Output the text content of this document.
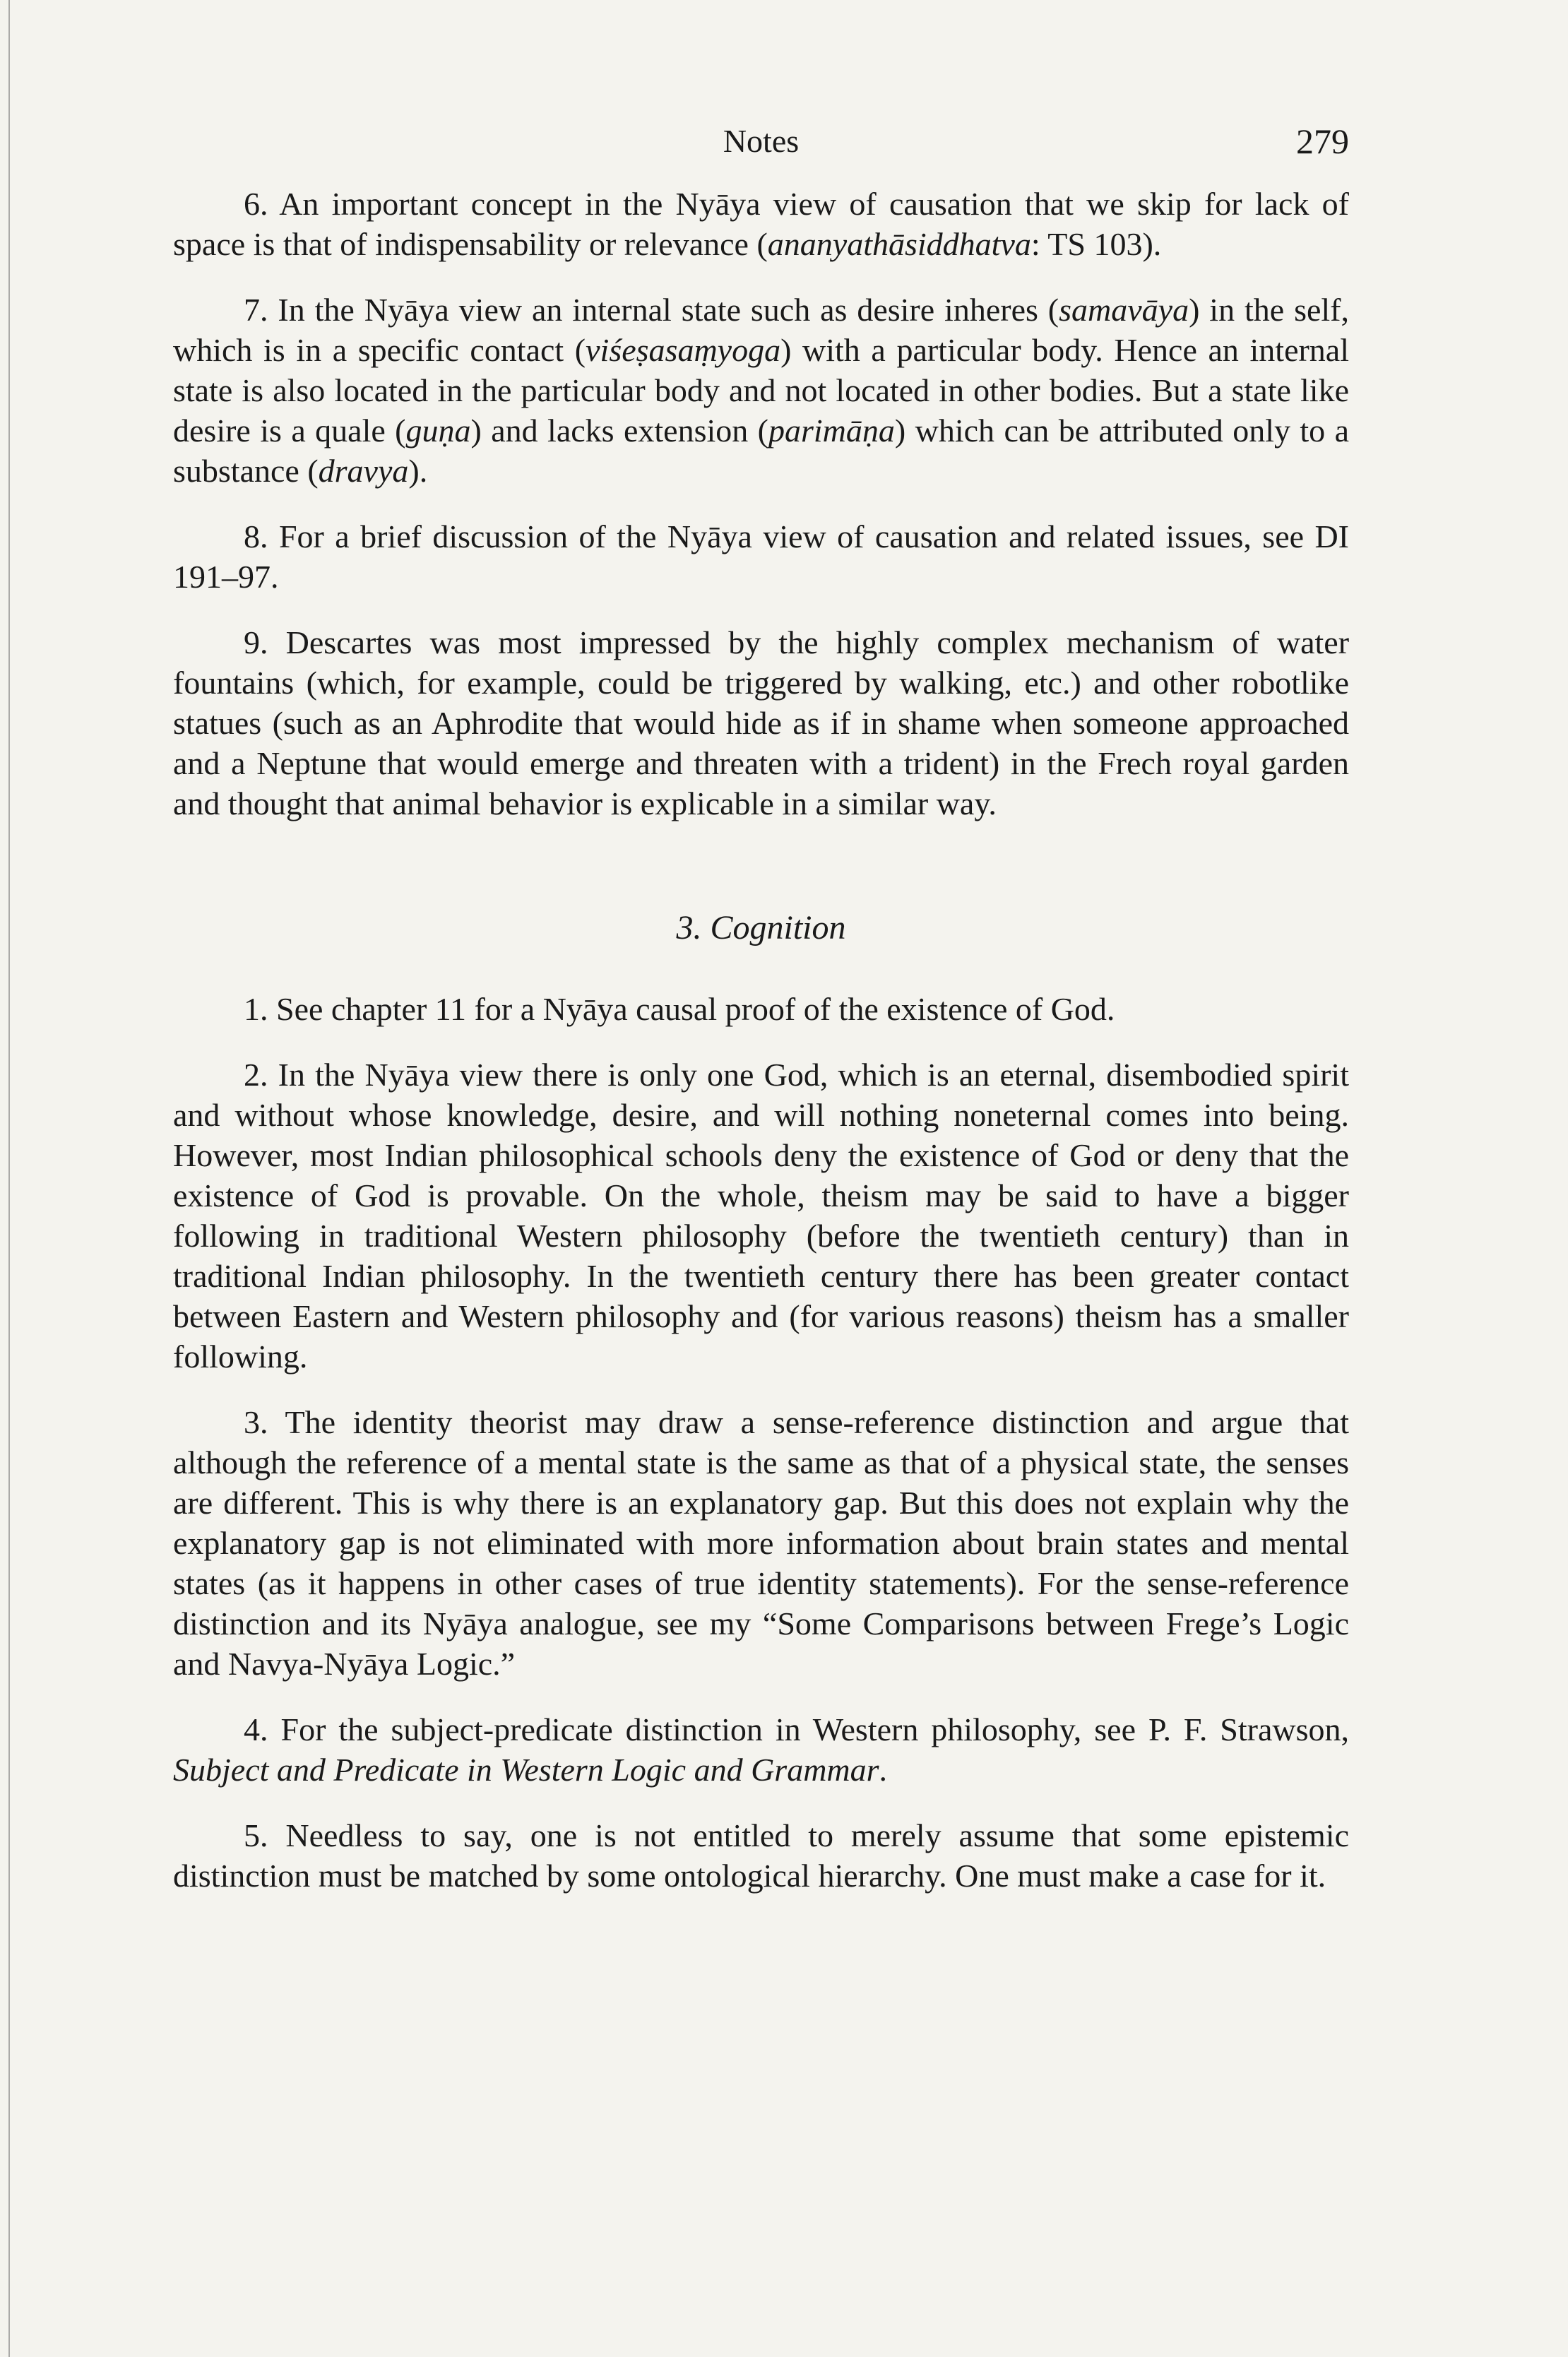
Notes	279

6. An important concept in the Nyāya view of causation that we skip for lack of space is that of indispensability or relevance (ananyathāsiddhatva: TS 103).

7. In the Nyāya view an internal state such as desire inheres (samavāya) in the self, which is in a specific contact (viśeṣasaṃyoga) with a particular body. Hence an internal state is also located in the particular body and not located in other bodies. But a state like desire is a quale (guṇa) and lacks extension (parimāṇa) which can be attributed only to a substance (dravya).

8. For a brief discussion of the Nyāya view of causation and related issues, see DI 191–97.

9. Descartes was most impressed by the highly complex mechanism of water fountains (which, for example, could be triggered by walking, etc.) and other robotlike statues (such as an Aphrodite that would hide as if in shame when someone approached and a Neptune that would emerge and threaten with a trident) in the Frech royal garden and thought that animal behavior is explicable in a similar way.

3. Cognition

1. See chapter 11 for a Nyāya causal proof of the existence of God.

2. In the Nyāya view there is only one God, which is an eternal, disembodied spirit and without whose knowledge, desire, and will nothing noneternal comes into being. However, most Indian philosophical schools deny the existence of God or deny that the existence of God is provable. On the whole, theism may be said to have a bigger following in traditional Western philosophy (before the twentieth century) than in traditional Indian philosophy. In the twentieth century there has been greater contact between Eastern and Western philosophy and (for various reasons) theism has a smaller following.

3. The identity theorist may draw a sense-reference distinction and argue that although the reference of a mental state is the same as that of a physical state, the senses are different. This is why there is an explanatory gap. But this does not explain why the explanatory gap is not eliminated with more information about brain states and mental states (as it happens in other cases of true identity statements). For the sense-reference distinction and its Nyāya analogue, see my “Some Comparisons between Frege’s Logic and Navya-Nyāya Logic.”

4. For the subject-predicate distinction in Western philosophy, see P. F. Strawson, Subject and Predicate in Western Logic and Grammar.

5. Needless to say, one is not entitled to merely assume that some epistemic distinction must be matched by some ontological hierarchy. One must make a case for it.
